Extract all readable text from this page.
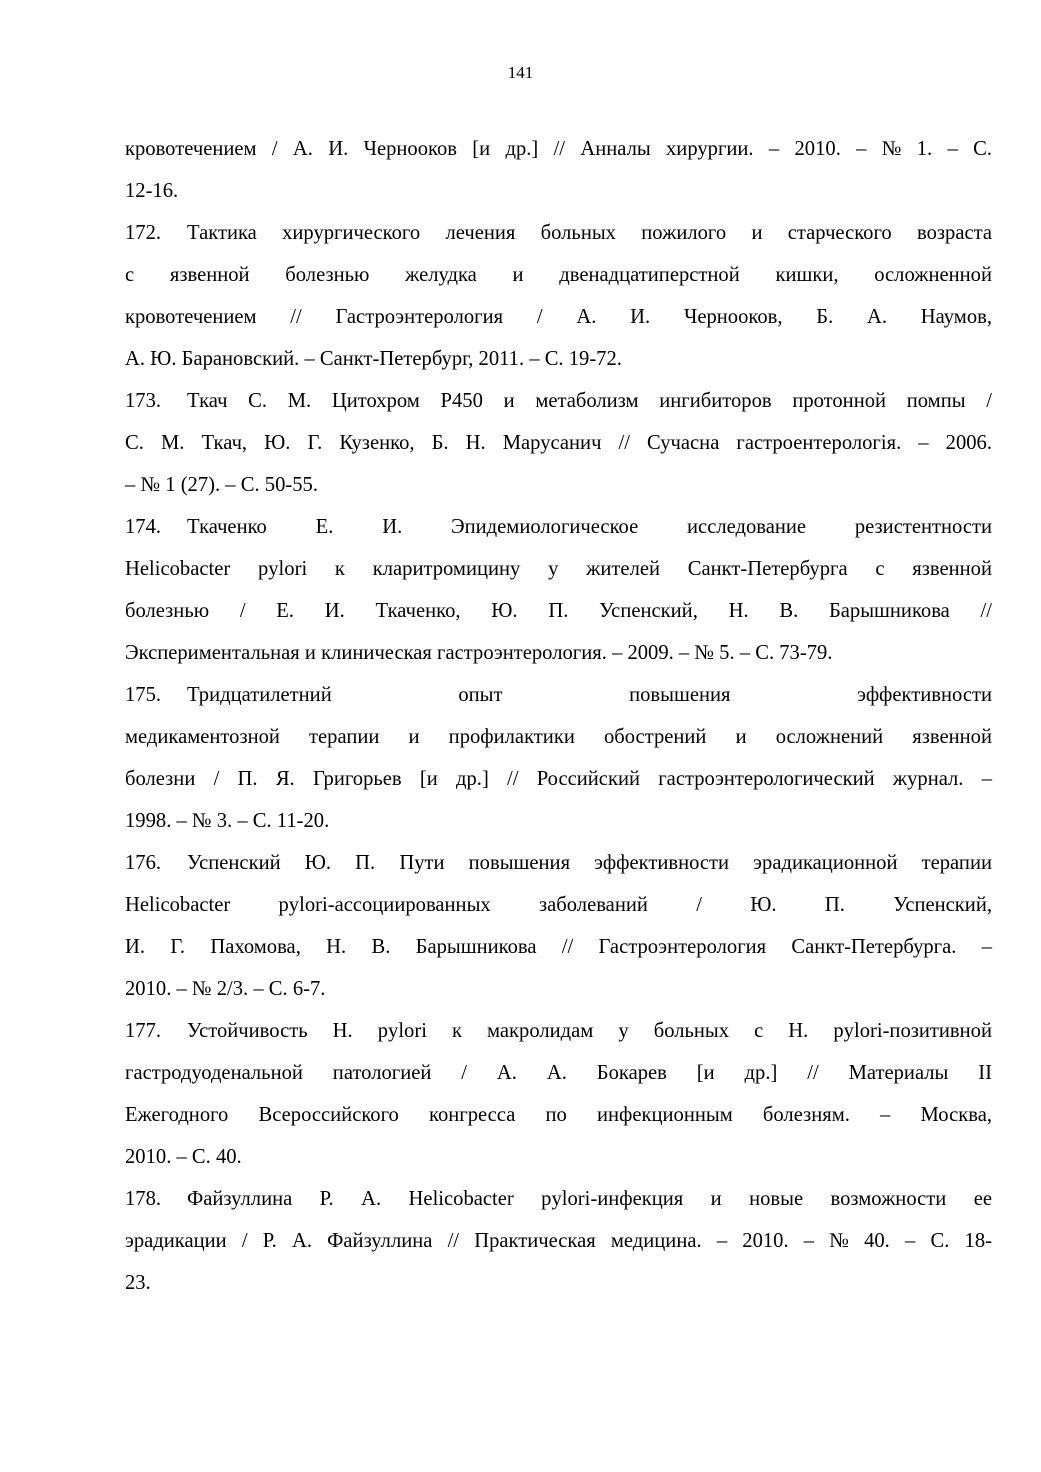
141
кровотечением / А. И. Чернооков [и др.] // Анналы хирургии. – 2010. – № 1. – С.
12-16.
172. Тактика хирургического лечения больных пожилого и старческого возраста
с язвенной болезнью желудка и двенадцатиперстной кишки, осложненной
кровотечением // Гастроэнтерология / А. И. Чернооков, Б. А. Наумов,
А. Ю. Барановский. – Санкт-Петербург, 2011. – С. 19-72.
173. Ткач С. М. Цитохром P450 и метаболизм ингибиторов протонной помпы /
С. М. Ткач, Ю. Г. Кузенко, Б. Н. Марусанич // Сучасна гастроентерологія. – 2006.
– № 1 (27). – С. 50-55.
174. Ткаченко Е. И. Эпидемиологическое исследование резистентности
Helicobacter pylori к кларитромицину у жителей Санкт-Петербурга с язвенной
болезнью / Е. И. Ткаченко, Ю. П. Успенский, Н. В. Барышникова //
Экспериментальная и клиническая гастроэнтерология. – 2009. – № 5. – С. 73-79.
175. Тридцатилетний опыт повышения эффективности
медикаментозной терапии и профилактики обострений и осложнений язвенной
болезни / П. Я. Григорьев [и др.] // Российский гастроэнтерологический журнал. –
1998. – № 3. – С. 11-20.
176. Успенский Ю. П. Пути повышения эффективности эрадикационной терапии
Helicobacter pylori-ассоциированных заболеваний / Ю. П. Успенский,
И. Г. Пахомова, Н. В. Барышникова // Гастроэнтерология Санкт-Петербурга. –
2010. – № 2/3. – С. 6-7.
177. Устойчивость H. pylori к макролидам у больных с H. pylori-позитивной
гастродуоденальной патологией / А. А. Бокарев [и др.] // Материалы II
Ежегодного Всероссийского конгресса по инфекционным болезням. – Москва,
2010. – С. 40.
178. Файзуллина Р. А. Helicobacter pylori-инфекция и новые возможности ее
эрадикации / Р. А. Файзуллина // Практическая медицина. – 2010. – № 40. – С. 18-
23.
